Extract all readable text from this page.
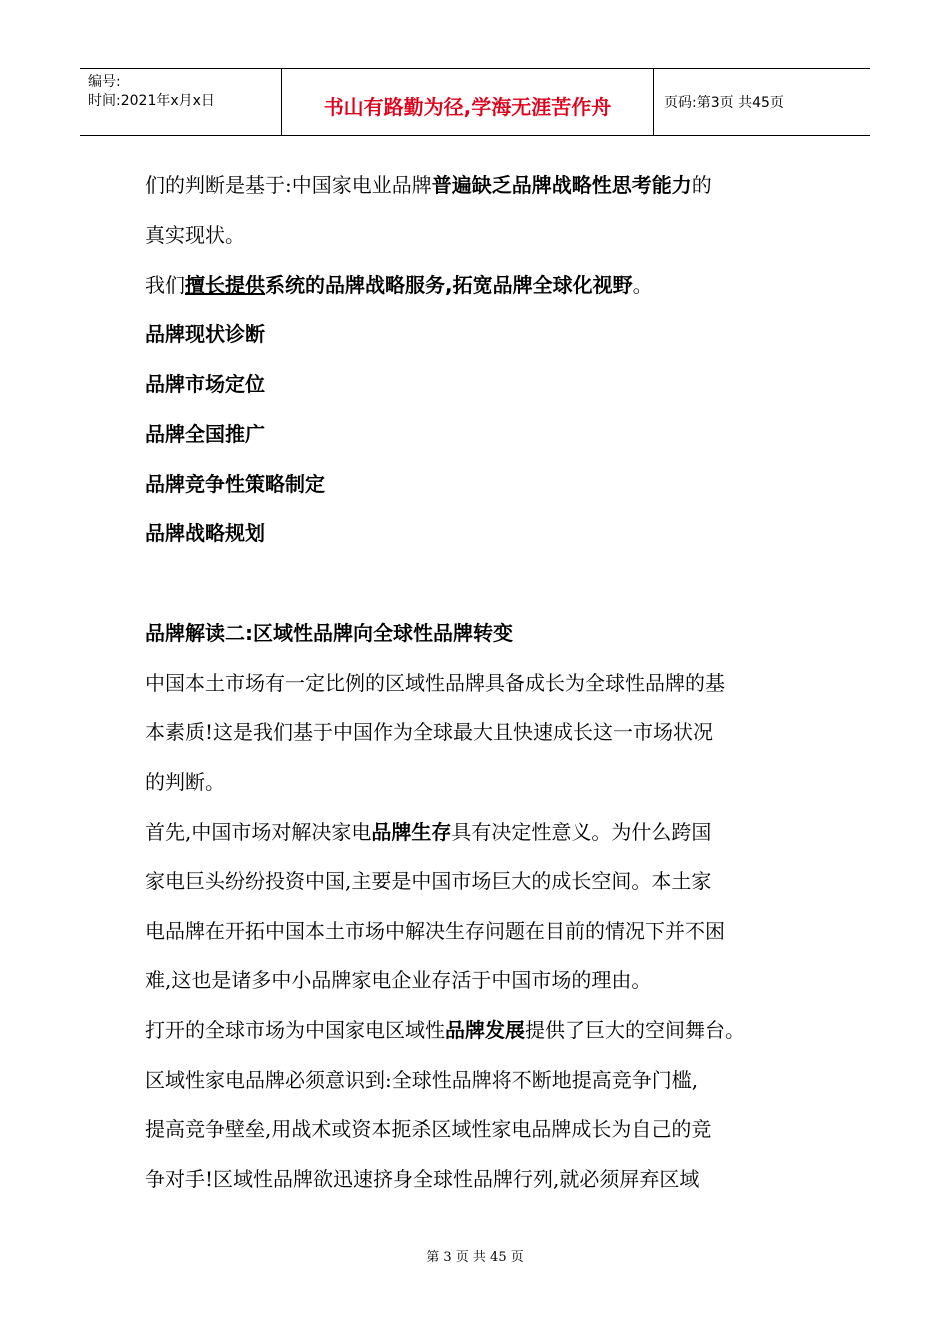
编号:
时间:2021年x月x日	书山有路勤为径,学海无涯苦作舟	页码:第3页 共45页
们的判断是基于:中国家电业品牌普遍缺乏品牌战略性思考能力的
真实现状。
我们擅长提供系统的品牌战略服务,拓宽品牌全球化视野。
品牌现状诊断
品牌市场定位
品牌全国推广
品牌竞争性策略制定
品牌战略规划
品牌解读二:区域性品牌向全球性品牌转变
中国本土市场有一定比例的区域性品牌具备成长为全球性品牌的基
本素质!这是我们基于中国作为全球最大且快速成长这一市场状况
的判断。
首先,中国市场对解决家电品牌生存具有决定性意义。为什么跨国
家电巨头纷纷投资中国,主要是中国市场巨大的成长空间。本土家
电品牌在开拓中国本土市场中解决生存问题在目前的情况下并不困
难,这也是诸多中小品牌家电企业存活于中国市场的理由。
打开的全球市场为中国家电区域性品牌发展提供了巨大的空间舞台。
区域性家电品牌必须意识到:全球性品牌将不断地提高竞争门槛,
提高竞争壁垒,用战术或资本扼杀区域性家电品牌成长为自己的竞
争对手!区域性品牌欲迅速挤身全球性品牌行列,就必须屏弃区域
第 3 页 共 45 页
